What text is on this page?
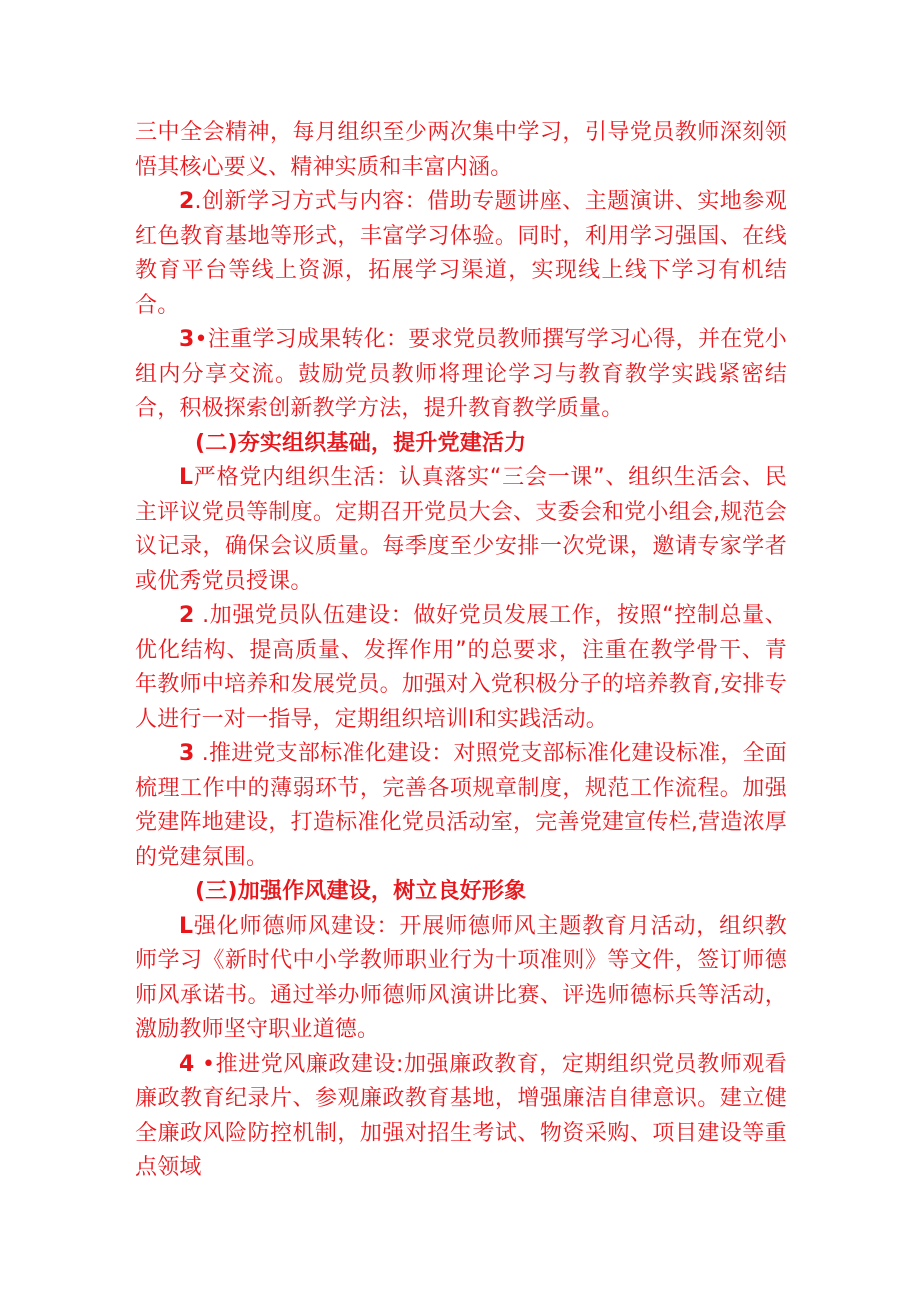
三中全会精神，每月组织至少两次集中学习，引导党员教师深刻领悟其核心要义、精神实质和丰富内涵。

2.创新学习方式与内容：借助专题讲座、主题演讲、实地参观红色教育基地等形式，丰富学习体验。同时，利用学习强国、在线教育平台等线上资源，拓展学习渠道，实现线上线下学习有机结合。

3•注重学习成果转化：要求党员教师撰写学习心得，并在党小组内分享交流。鼓励党员教师将理论学习与教育教学实践紧密结合，积极探索创新教学方法，提升教育教学质量。

(二)夯实组织基础，提升党建活力

L严格党内组织生活：认真落实“三会一课”、组织生活会、民主评议党员等制度。定期召开党员大会、支委会和党小组会,规范会议记录，确保会议质量。每季度至少安排一次党课，邀请专家学者或优秀党员授课。

2 .加强党员队伍建设：做好党员发展工作，按照“控制总量、优化结构、提高质量、发挥作用”的总要求，注重在教学骨干、青年教师中培养和发展党员。加强对入党积极分子的培养教育,安排专人进行一对一指导，定期组织培训I和实践活动。

3 .推进党支部标准化建设：对照党支部标准化建设标准，全面梳理工作中的薄弱环节，完善各项规章制度，规范工作流程。加强党建阵地建设，打造标准化党员活动室，完善党建宣传栏,营造浓厚的党建氛围。

(三)加强作风建设，树立良好形象

L强化师德师风建设：开展师德师风主题教育月活动，组织教师学习《新时代中小学教师职业行为十项准则》等文件，签订师德师风承诺书。通过举办师德师风演讲比赛、评选师德标兵等活动，激励教师坚守职业道德。

4 •推进党风廉政建设:加强廉政教育，定期组织党员教师观看廉政教育纪录片、参观廉政教育基地，增强廉洁自律意识。建立健全廉政风险防控机制，加强对招生考试、物资采购、项目建设等重点领域
